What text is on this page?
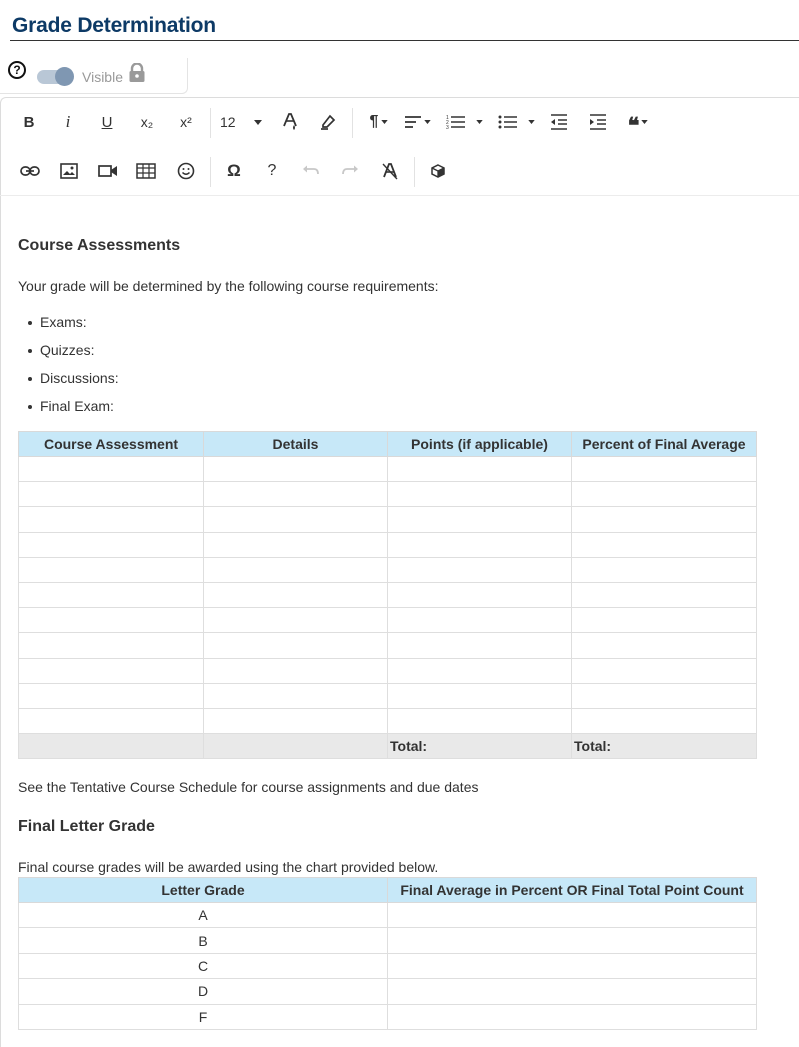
Grade Determination
?	Visible
B i U x₂ x² 12	¶	1
2
3	❝
Ω ?
Course Assessments

Your grade will be determined by the following course requirements:

Exams:
Quizzes:
Discussions:
Final Exam:
Course Assessment	Details	Points (if applicable)	Percent of Final Average

		Total:	Total:

See the Tentative Course Schedule for course assignments and due dates

Final Letter Grade

Final course grades will be awarded using the chart provided below.

Letter Grade	Final Average in Percent OR Final Total Point Count
A	
B	
C	
D	
F	
